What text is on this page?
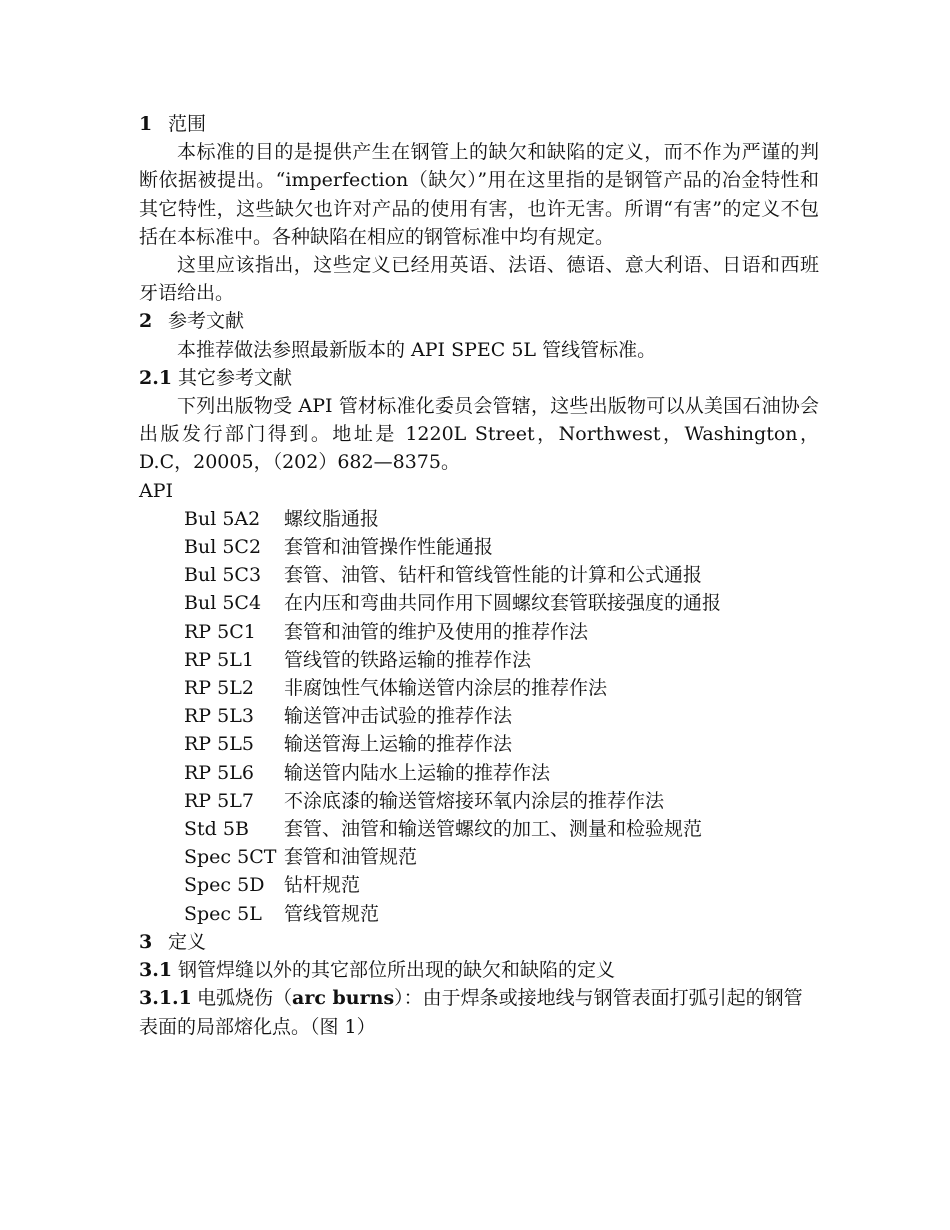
1 范围
本标准的目的是提供产生在钢管上的缺欠和缺陷的定义，而不作为严谨的判断依据被提出。“imperfection（缺欠）”用在这里指的是钢管产品的冶金特性和其它特性，这些缺欠也许对产品的使用有害，也许无害。所谓“有害”的定义不包括在本标准中。各种缺陷在相应的钢管标准中均有规定。
这里应该指出，这些定义已经用英语、法语、德语、意大利语、日语和西班牙语给出。
2 参考文献
本推荐做法参照最新版本的 API SPEC 5L 管线管标准。
2.1 其它参考文献
下列出版物受 API 管材标准化委员会管辖，这些出版物可以从美国石油协会出版发行部门得到。地址是 1220L Street，Northwest，Washington，D.C，20005，（202）682—8375。
API
Bul 5A2 螺纹脂通报
Bul 5C2 套管和油管操作性能通报
Bul 5C3 套管、油管、钻杆和管线管性能的计算和公式通报
Bul 5C4 在内压和弯曲共同作用下圆螺纹套管联接强度的通报
RP 5C1 套管和油管的维护及使用的推荐作法
RP 5L1 管线管的铁路运输的推荐作法
RP 5L2 非腐蚀性气体输送管内涂层的推荐作法
RP 5L3 输送管冲击试验的推荐作法
RP 5L5 输送管海上运输的推荐作法
RP 5L6 输送管内陆水上运输的推荐作法
RP 5L7 不涂底漆的输送管熔接环氧内涂层的推荐作法
Std 5B 套管、油管和输送管螺纹的加工、测量和检验规范
Spec 5CT 套管和油管规范
Spec 5D 钻杆规范
Spec 5L 管线管规范
3 定义
3.1 钢管焊缝以外的其它部位所出现的缺欠和缺陷的定义
3.1.1 电弧烧伤（arc burns）：由于焊条或接地线与钢管表面打弧引起的钢管表面的局部熔化点。（图 1）
